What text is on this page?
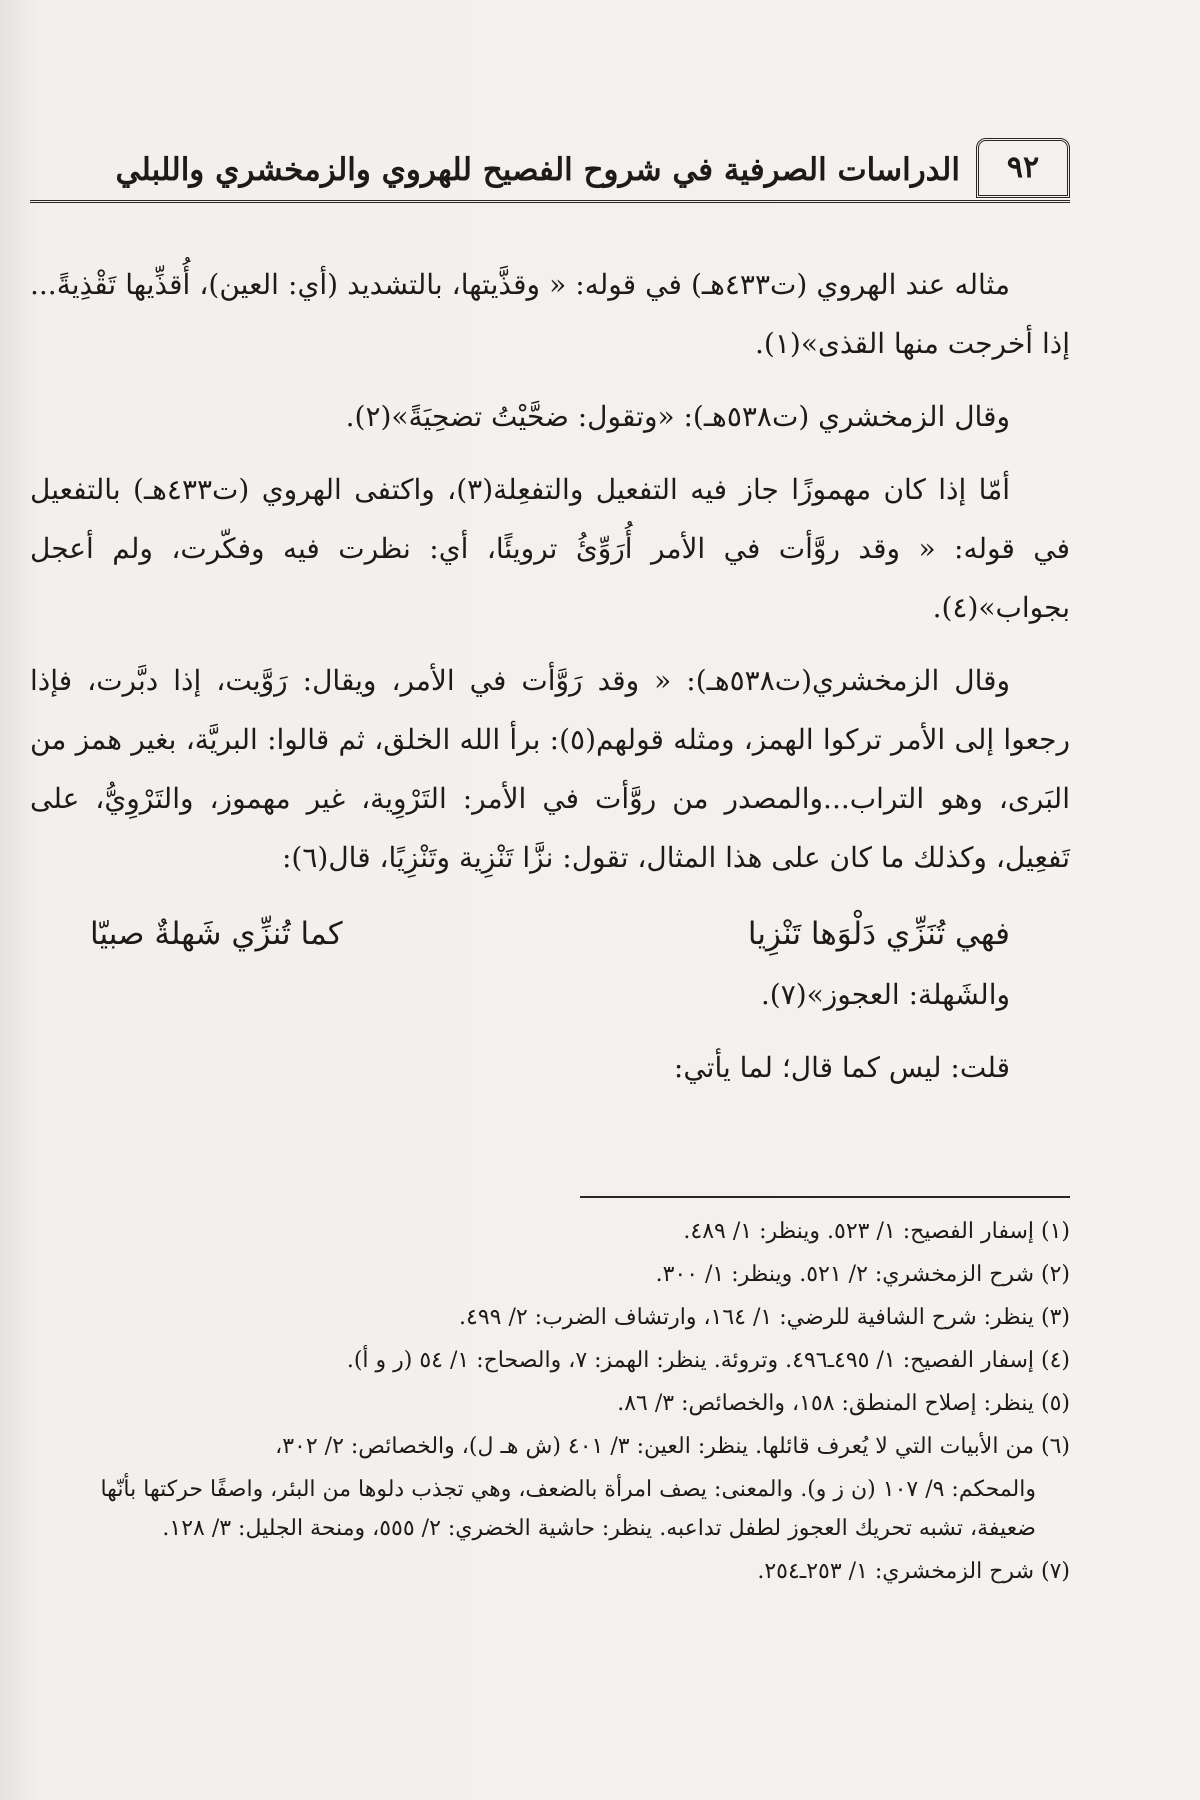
الدراسات الصرفية في شروح الفصيح للهروي والزمخشري واللبلي	٩٢

مثاله عند الهروي (ت٤٣٣هـ) في قوله: « وقذَّيتها، بالتشديد (أي: العين)، أُقذِّيها تَقْذِيةً... إذا أخرجت منها القذى»(١).

وقال الزمخشري (ت٥٣٨هـ): «وتقول: ضحَّيْتُ تضحِيَةً»(٢).

أمّا إذا كان مهموزًا جاز فيه التفعيل والتفعِلة(٣)، واكتفى الهروي (ت٤٣٣هـ) بالتفعيل في قوله: « وقد روَّأت في الأمر أُرَوِّئُ ترويئًا، أي: نظرت فيه وفكّرت، ولم أعجل بجواب»(٤).

وقال الزمخشري(ت٥٣٨هـ): « وقد رَوَّأت في الأمر، ويقال: رَوَّيت، إذا دبَّرت، فإذا رجعوا إلى الأمر تركوا الهمز، ومثله قولهم(٥): برأ الله الخلق، ثم قالوا: البريَّة، بغير همز من البَرى، وهو التراب...والمصدر من روَّأت في الأمر: التَرْوِية، غير مهموز، والتَرْوِيُّ، على تَفعِيل، وكذلك ما كان على هذا المثال، تقول: نزَّا تَنْزِية وتَنْزِيًا، قال(٦):

فهي تُنَزِّي دَلْوَها تَنْزِيا
كما تُنزِّي شَهلةٌ صبيّا

والشَهلة: العجوز»(٧).

قلت: ليس كما قال؛ لما يأتي:

(١) إسفار الفصيح: ١/ ٥٢٣. وينظر: ١/ ٤٨٩.

(٢) شرح الزمخشري: ٢/ ٥٢١. وينظر: ١/ ٣٠٠.

(٣) ينظر: شرح الشافية للرضي: ١/ ١٦٤، وارتشاف الضرب: ٢/ ٤٩٩.

(٤) إسفار الفصيح: ١/ ٤٩٥ـ٤٩٦. وتروئة. ينظر: الهمز: ٧، والصحاح: ١/ ٥٤ (ر و أ).

(٥) ينظر: إصلاح المنطق: ١٥٨، والخصائص: ٣/ ٨٦.

(٦) من الأبيات التي لا يُعرف قائلها. ينظر: العين: ٣/ ٤٠١ (ش هـ ل)، والخصائص: ٢/ ٣٠٢،

والمحكم: ٩/ ١٠٧ (ن ز و). والمعنى: يصف امرأة بالضعف، وهي تجذب دلوها من البئر، واصفًا حركتها بأنّها ضعيفة، تشبه تحريك العجوز لطفل تداعبه. ينظر: حاشية الخضري: ٢/ ٥٥٥، ومنحة الجليل: ٣/ ١٢٨.

(٧) شرح الزمخشري: ١/ ٢٥٣ـ٢٥٤.
